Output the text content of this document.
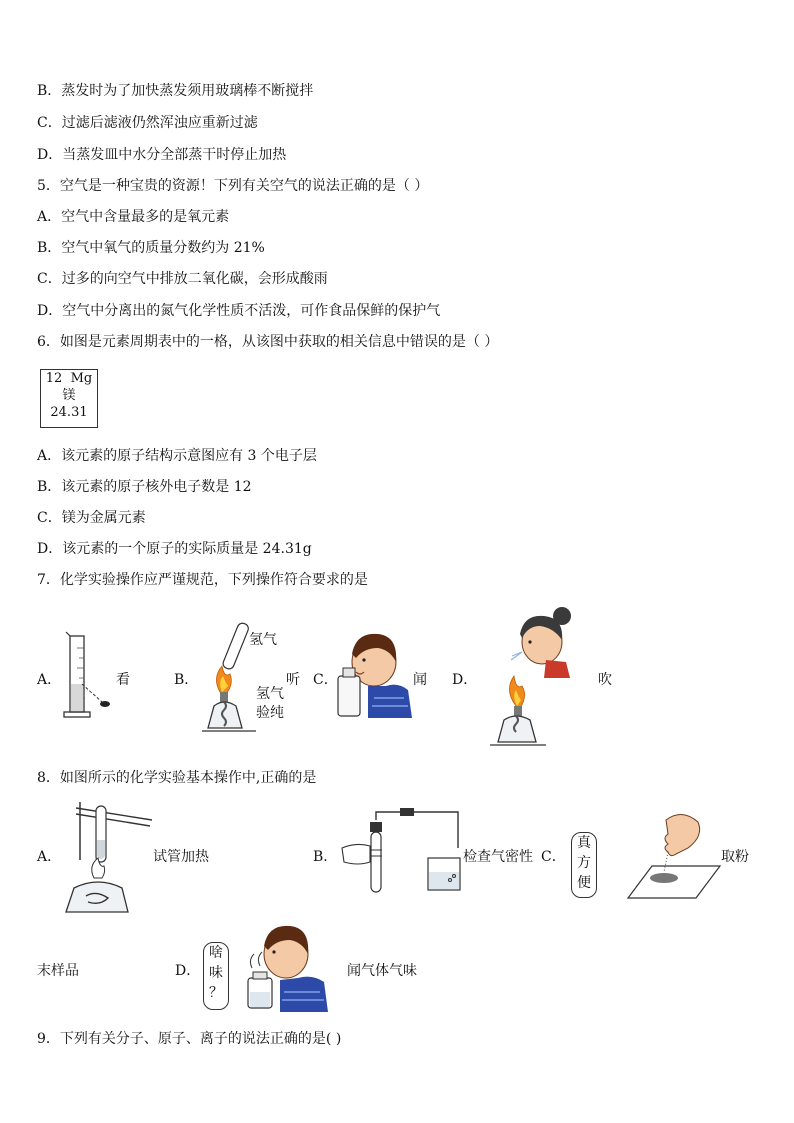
B．蒸发时为了加快蒸发须用玻璃棒不断搅拌
C．过滤后滤液仍然浑浊应重新过滤
D．当蒸发皿中水分全部蒸干时停止加热
5．空气是一种宝贵的资源！下列有关空气的说法正确的是（ ）
A．空气中含量最多的是氧元素
B．空气中氧气的质量分数约为 21%
C．过多的向空气中排放二氧化碳，会形成酸雨
D．空气中分离出的氮气化学性质不活泼，可作食品保鲜的保护气
6．如图是元素周期表中的一格，从该图中获取的相关信息中错误的是（ ）
12 Mg
镁
24.31
A．该元素的原子结构示意图应有 3 个电子层
B．该元素的原子核外电子数是 12
C．镁为金属元素
D．该元素的一个原子的实际质量是 24.31g
7．化学实验操作应严谨规范，下列操作符合要求的是
A．	看	B．
氢气
听
氢气
验纯
C．	闻 D．	吹
8．如图所示的化学实验基本操作中,正确的是
A．	试管加热	B．	检查气密性 C．
真
方
便
取粉
末样品	D．
啥
味
？
闻气体气味
9．下列有关分子、原子、离子的说法正确的是( )
